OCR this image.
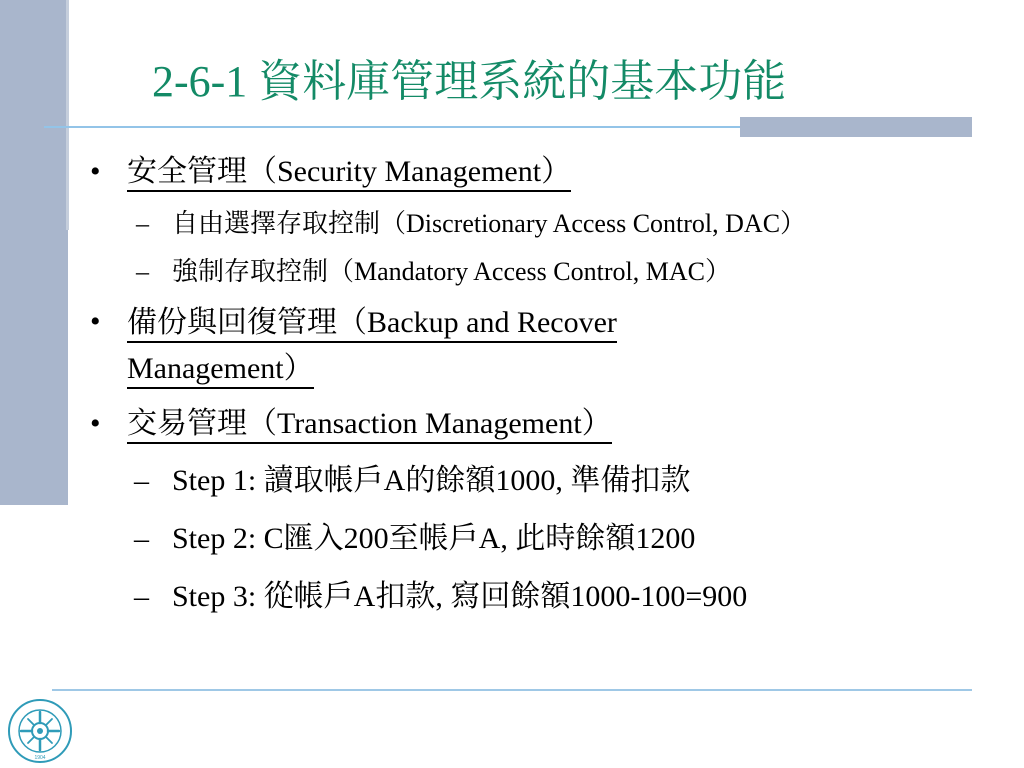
2-6-1 資料庫管理系統的基本功能
• 安全管理（Security Management）
– 自由選擇存取控制（Discretionary Access Control, DAC）
– 強制存取控制（Mandatory Access Control, MAC）
• 備份與回復管理（Backup and Recover Management）
• 交易管理（Transaction Management）
– Step 1: 讀取帳戶A的餘額1000, 準備扣款
– Step 2: C匯入200至帳戶A, 此時餘額1200
– Step 3: 從帳戶A扣款, 寫回餘額1000-100=900
1904
